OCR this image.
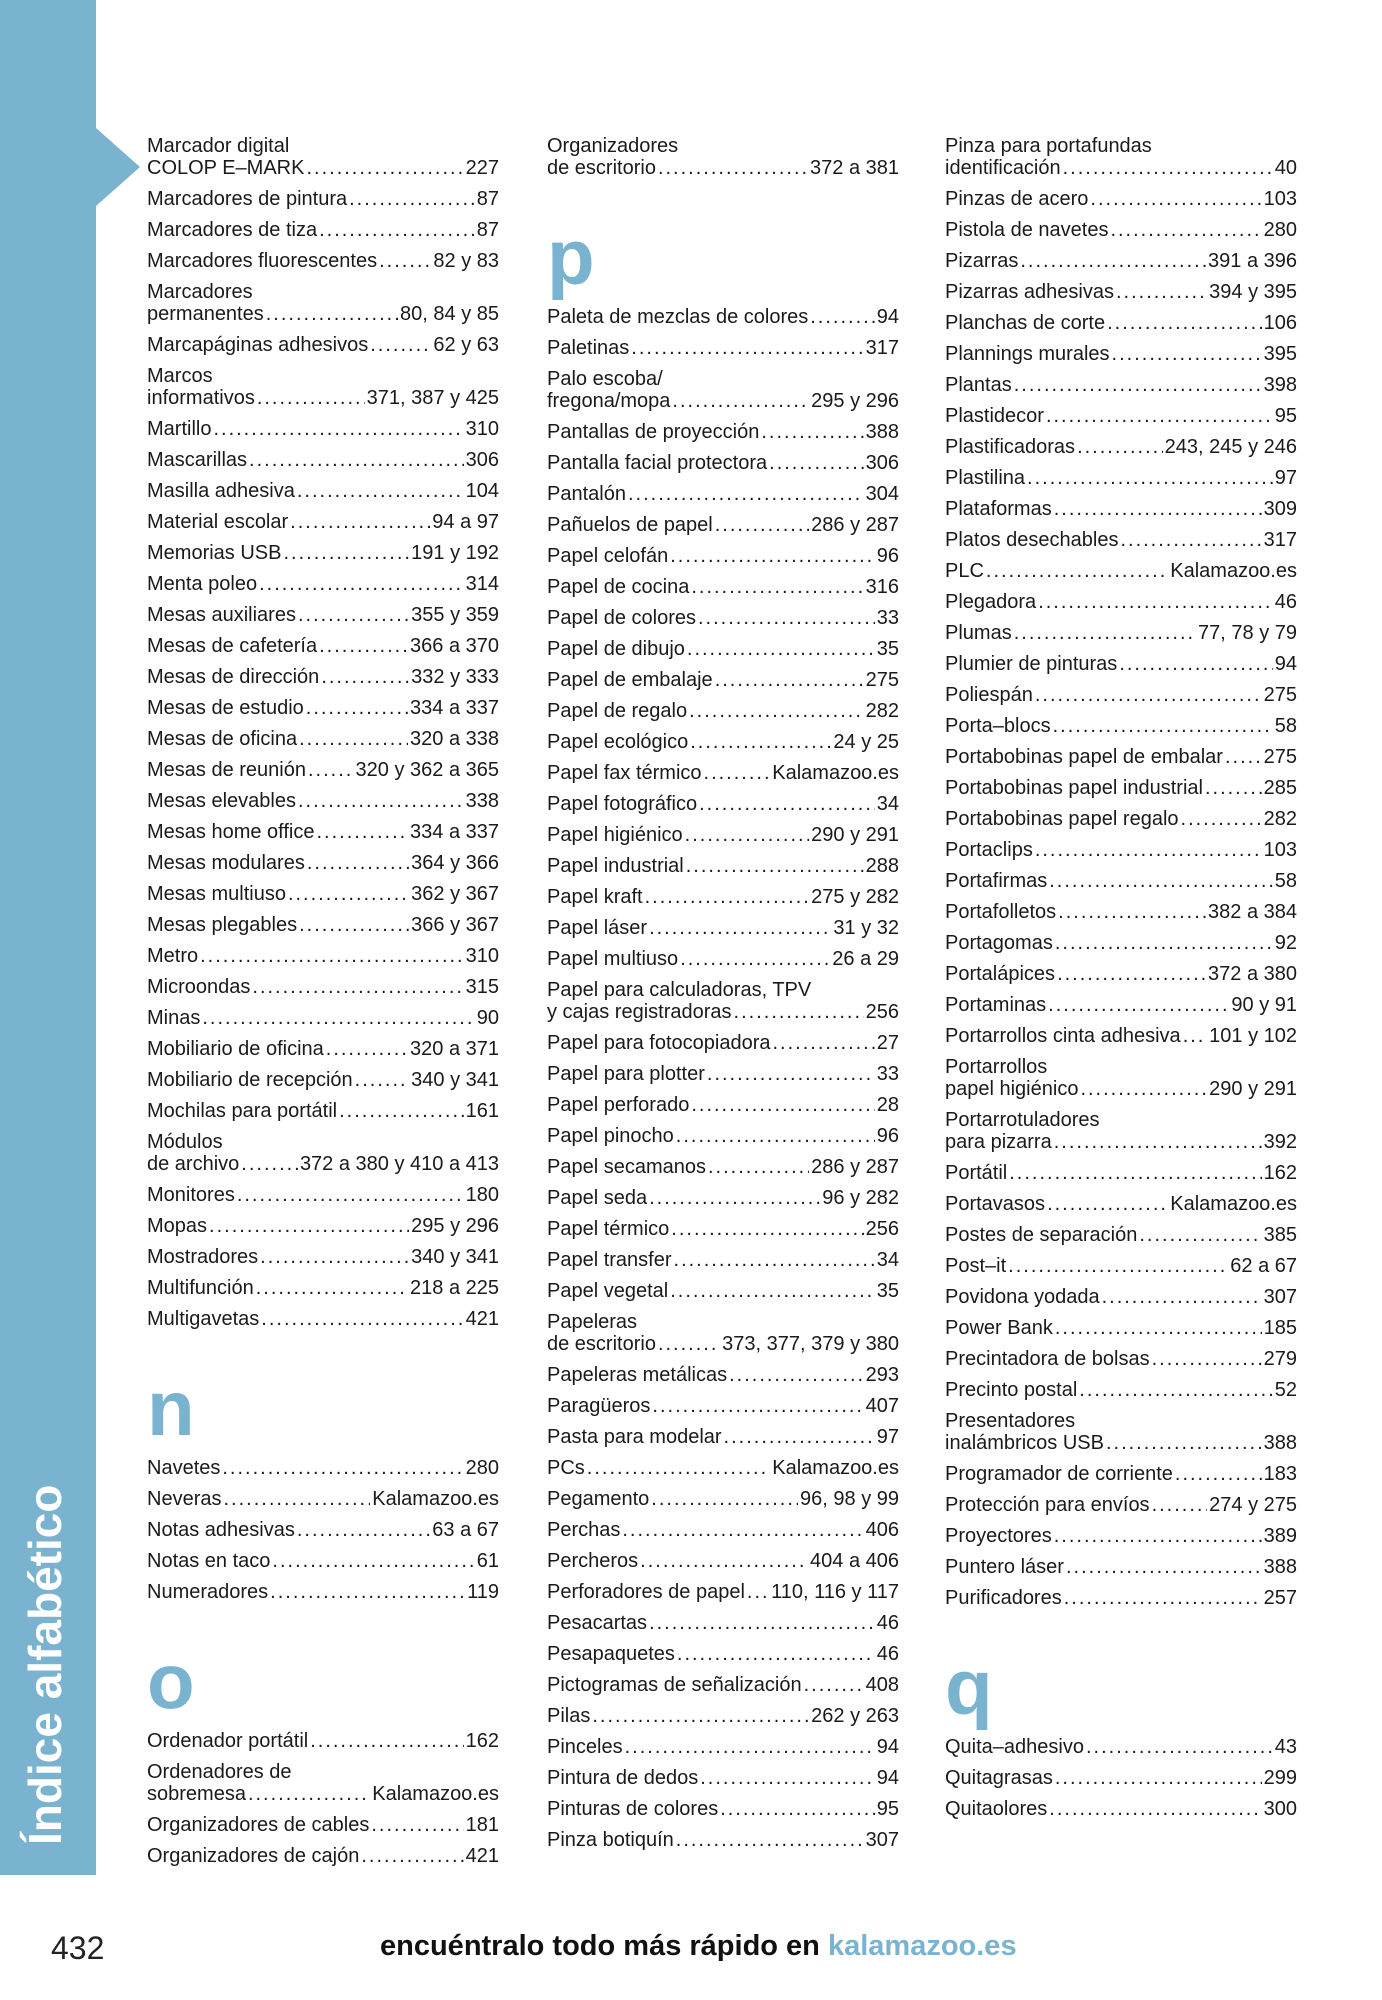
Índice alfabético
Marcador digital
COLOP E–MARK .....	227
Marcadores de pintura .....	87
Marcadores de tiza .....	87
Marcadores fluorescentes .....	82 y 83
Marcadores
permanentes .....	80, 84 y 85
Marcapáginas adhesivos .....	62 y 63
Marcos
informativos .....	371, 387 y 425
Martillo .....	310
Mascarillas .....	306
Masilla adhesiva .....	104
Material escolar .....	94 a 97
Memorias USB .....	191 y 192
Menta poleo .....	314
Mesas auxiliares .....	355 y 359
Mesas de cafetería .....	366 a 370
Mesas de dirección .....	332 y 333
Mesas de estudio .....	334 a 337
Mesas de oficina .....	320 a 338
Mesas de reunión ..... 320 y 362 a 365
Mesas elevables .....	338
Mesas home office .....	334 a 337
Mesas modulares .....	364 y 366
Mesas multiuso .....	362 y 367
Mesas plegables .....	366 y 367
Metro .....	310
Microondas .....	315
Minas .....	90
Mobiliario de oficina .....	320 a 371
Mobiliario de recepción .....	340 y 341
Mochilas para portátil .....	161
Módulos
de archivo .....	372 a 380 y 410 a 413
Monitores .....	180
Mopas .....	295 y 296
Mostradores .....	340 y 341
Multifunción .....	218 a 225
Multigavetas .....	421
n
Navetes .....	280
Neveras .....	Kalamazoo.es
Notas adhesivas .....	63 a 67
Notas en taco .....	61
Numeradores .....	119
o
Ordenador portátil .....	162
Ordenadores de
sobremesa .....	Kalamazoo.es
Organizadores de cables .....	181
Organizadores de cajón .....	421
Organizadores
de escritorio .....	372 a 381
p
Paleta de mezclas de colores .....	94
Paletinas .....	317
Palo escoba/
fregona/mopa .....	295 y 296
Pantallas de proyección .....	388
Pantalla facial protectora .....	306
Pantalón .....	304
Pañuelos de papel .....	286 y 287
Papel celofán .....	96
Papel de cocina .....	316
Papel de colores .....	33
Papel de dibujo .....	35
Papel de embalaje .....	275
Papel de regalo .....	282
Papel ecológico .....	24 y 25
Papel fax térmico .....	Kalamazoo.es
Papel fotográfico .....	34
Papel higiénico .....	290 y 291
Papel industrial .....	288
Papel kraft .....	275 y 282
Papel láser .....	31 y 32
Papel multiuso .....	26 a 29
Papel para calculadoras, TPV
y cajas registradoras .....	256
Papel para fotocopiadora .....	27
Papel para plotter .....	33
Papel perforado .....	28
Papel pinocho .....	96
Papel secamanos .....	286 y 287
Papel seda .....	96 y 282
Papel térmico .....	256
Papel transfer .....	34
Papel vegetal .....	35
Papeleras
de escritorio .....	373, 377, 379 y 380
Papeleras metálicas .....	293
Paragüeros .....	407
Pasta para modelar .....	97
PCs .....	Kalamazoo.es
Pegamento .....	96, 98 y 99
Perchas .....	406
Percheros .....	404 a 406
Perforadores de papel ..... 110, 116 y 117
Pesacartas .....	46
Pesapaquetes .....	46
Pictogramas de señalización .....	408
Pilas .....	262 y 263
Pinceles .....	94
Pintura de dedos .....	94
Pinturas de colores .....	95
Pinza botiquín .....	307
Pinza para portafundas
identificación .....	40
Pinzas de acero .....	103
Pistola de navetes .....	280
Pizarras .....	391 a 396
Pizarras adhesivas .....	394 y 395
Planchas de corte .....	106
Plannings murales .....	395
Plantas .....	398
Plastidecor .....	95
Plastificadoras .....	243, 245 y 246
Plastilina .....	97
Plataformas .....	309
Platos desechables .....	317
PLC .....	Kalamazoo.es
Plegadora .....	46
Plumas .....	77, 78 y 79
Plumier de pinturas .....	94
Poliespán .....	275
Porta–blocs .....	58
Portabobinas papel de embalar ..... 275
Portabobinas papel industrial .....	285
Portabobinas papel regalo .....	282
Portaclips .....	103
Portafirmas .....	58
Portafolletos .....	382 a 384
Portagomas .....	92
Portalápices .....	372 a 380
Portaminas .....	90 y 91
Portarrollos cinta adhesiva ..... 101 y 102
Portarrollos
papel higiénico .....	290 y 291
Portarrotuladores
para pizarra .....	392
Portátil .....	162
Portavasos .....	Kalamazoo.es
Postes de separación .....	385
Post–it .....	62 a 67
Povidona yodada .....	307
Power Bank .....	185
Precintadora de bolsas .....	279
Precinto postal .....	52
Presentadores
inalámbricos USB .....	388
Programador de corriente .....	183
Protección para envíos .....	274 y 275
Proyectores .....	389
Puntero láser .....	388
Purificadores .....	257
q
Quita–adhesivo .....	43
Quitagrasas .....	299
Quitaolores .....	300
432	encuéntralo todo más rápido en kalamazoo.es
